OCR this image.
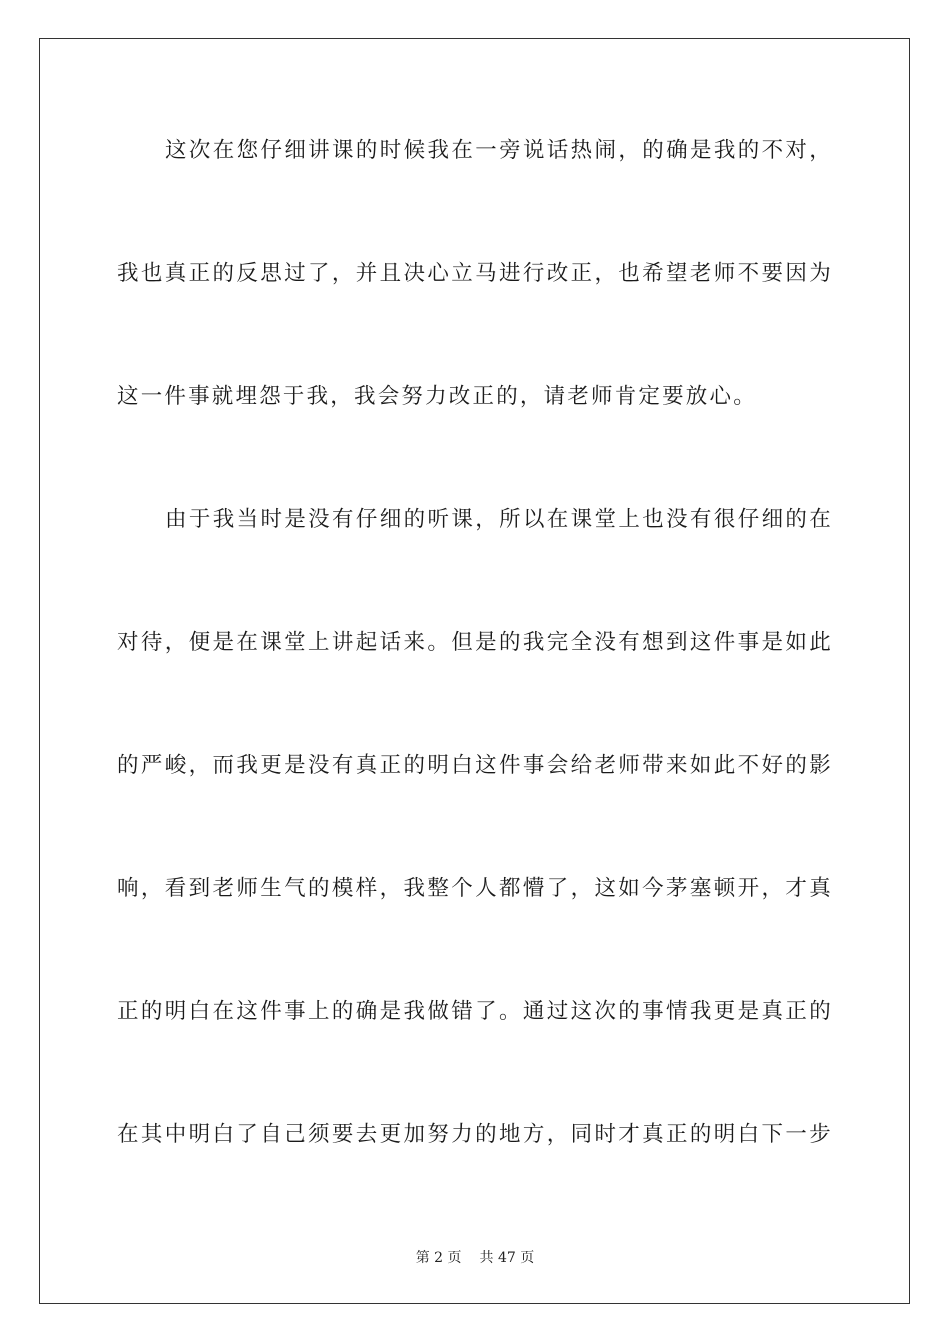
这次在您仔细讲课的时候我在一旁说话热闹，的确是我的不对，
我也真正的反思过了，并且决心立马进行改正，也希望老师不要因为
这一件事就埋怨于我，我会努力改正的，请老师肯定要放心。
由于我当时是没有仔细的听课，所以在课堂上也没有很仔细的在
对待，便是在课堂上讲起话来。但是的我完全没有想到这件事是如此
的严峻，而我更是没有真正的明白这件事会给老师带来如此不好的影
响，看到老师生气的模样，我整个人都懵了，这如今茅塞顿开，才真
正的明白在这件事上的确是我做错了。通过这次的事情我更是真正的
在其中明白了自己须要去更加努力的地方，同时才真正的明白下一步
第 2 页 共 47 页
